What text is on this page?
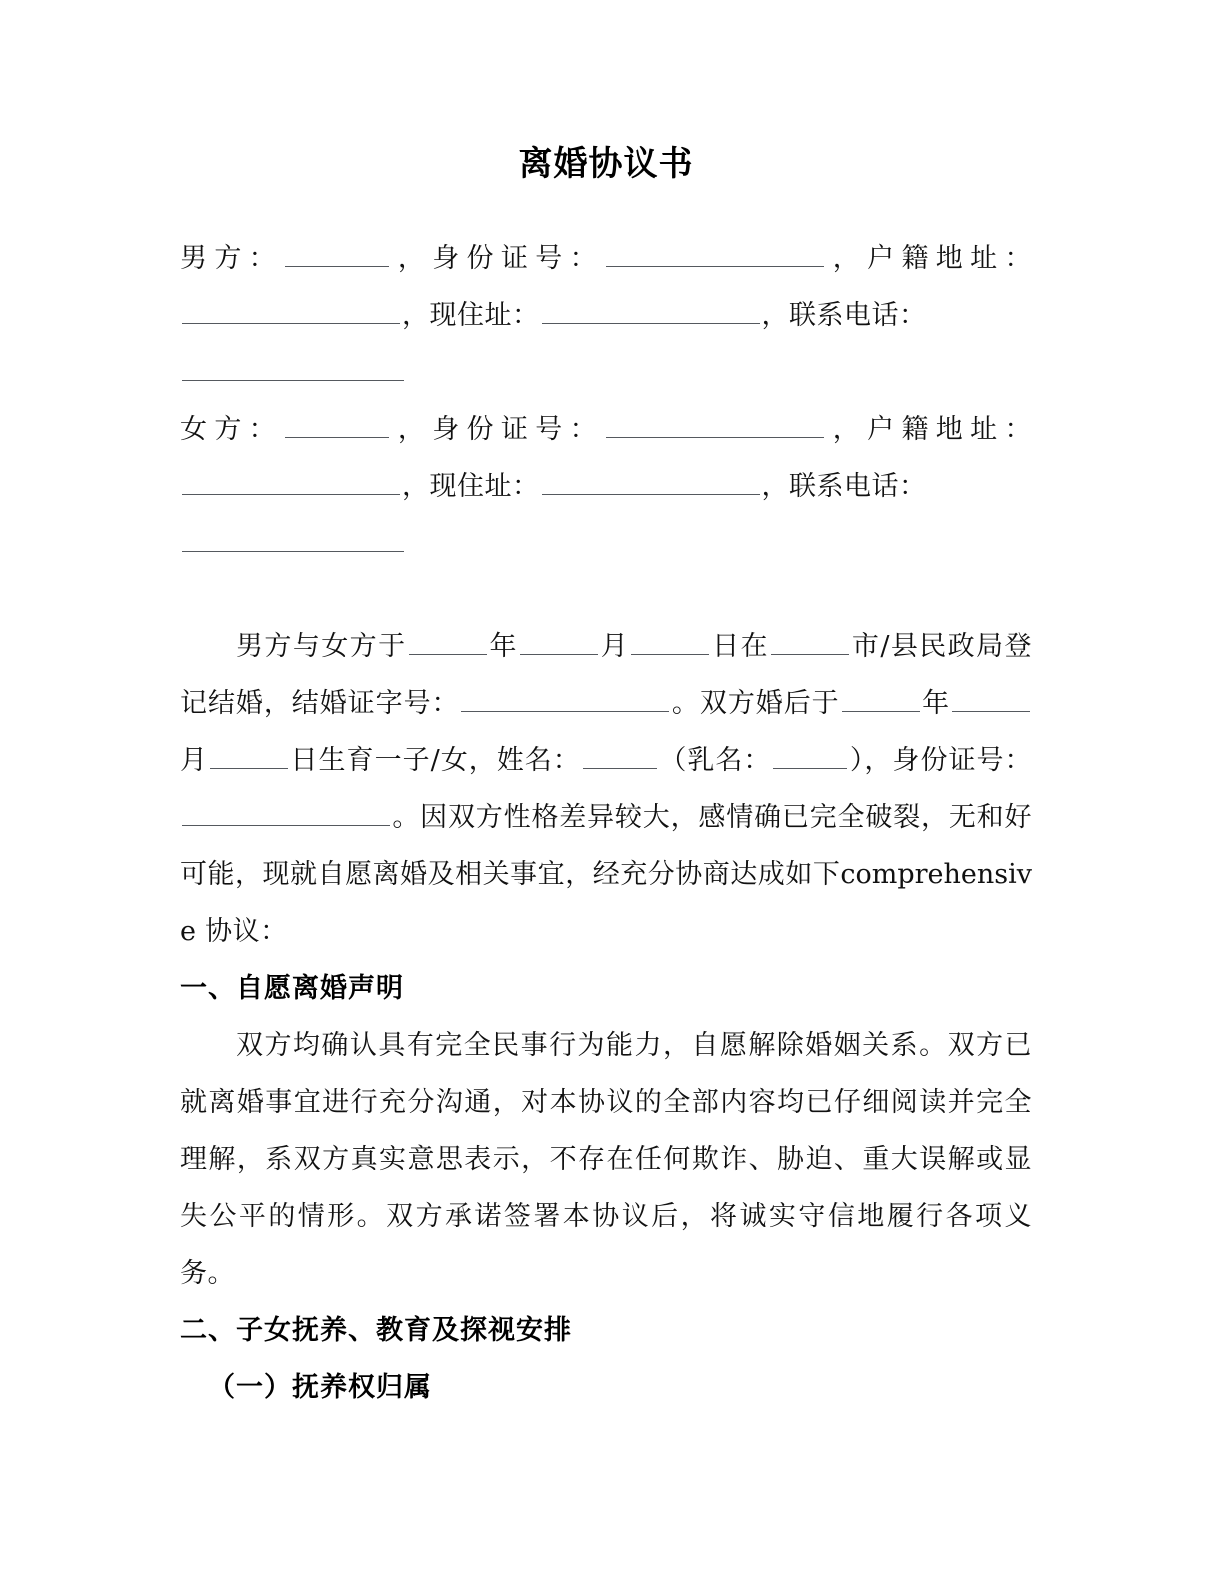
离婚协议书

男方：	，身份证号：	，户籍地址：，现住址：	，联系电话：

女方：	，身份证号：	，户籍地址：，现住址：	，联系电话：

男方与女方于	年	月	日在	市/县民政局登记结婚，结婚证字号：	。双方婚后于	年月	日生育一子/女，姓名：	（乳名：	），身份证号：。因双方性格差异较大，感情确已完全破裂，无和好可能，现就自愿离婚及相关事宜，经充分协商达成如下comprehensive 协议：

一、自愿离婚声明

双方均确认具有完全民事行为能力，自愿解除婚姻关系。双方已就离婚事宜进行充分沟通，对本协议的全部内容均已仔细阅读并完全理解，系双方真实意思表示，不存在任何欺诈、胁迫、重大误解或显失公平的情形。双方承诺签署本协议后，将诚实守信地履行各项义务。

二、子女抚养、教育及探视安排
（一）抚养权归属
